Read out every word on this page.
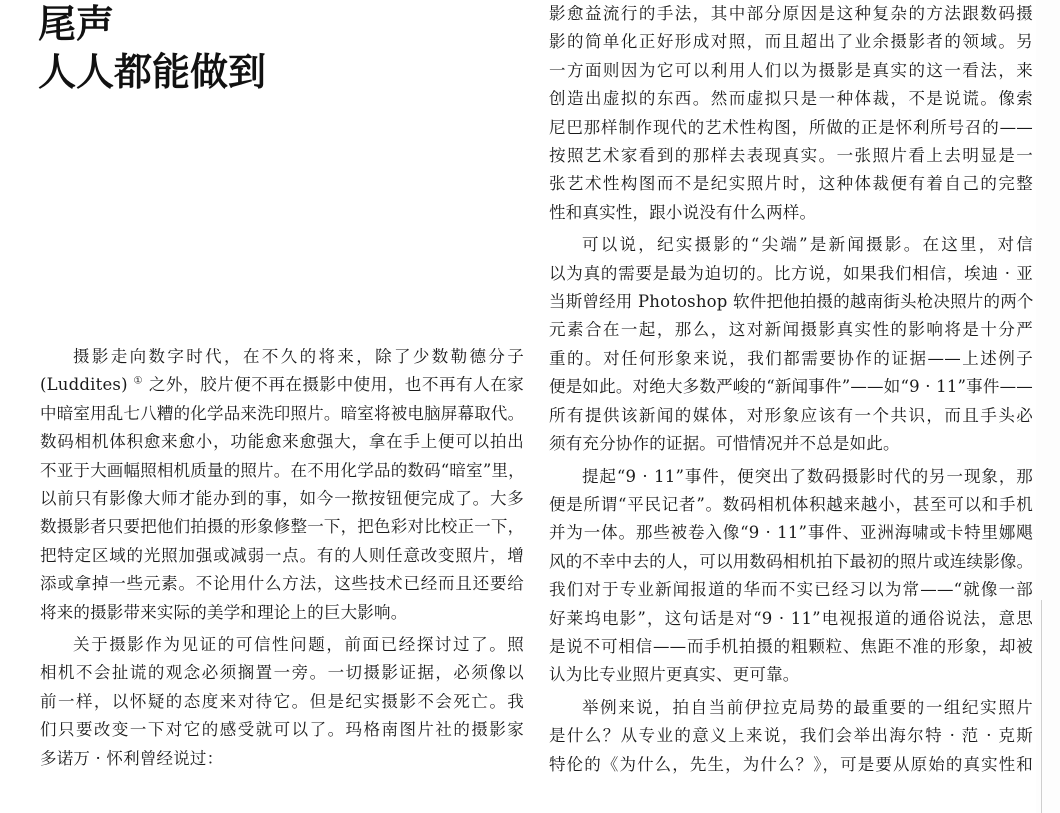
尾声
人人都能做到

摄影走向数字时代，在不久的将来，除了少数勒德分子
(Luddites) ① 之外，胶片便不再在摄影中使用，也不再有人在家
中暗室用乱七八糟的化学品来洗印照片。暗室将被电脑屏幕取代。
数码相机体积愈来愈小，功能愈来愈强大，拿在手上便可以拍出
不亚于大画幅照相机质量的照片。在不用化学品的数码“暗室”里，
以前只有影像大师才能办到的事，如今一揿按钮便完成了。大多
数摄影者只要把他们拍摄的形象修整一下，把色彩对比校正一下，
把特定区域的光照加强或减弱一点。有的人则任意改变照片，增
添或拿掉一些元素。不论用什么方法，这些技术已经而且还要给
将来的摄影带来实际的美学和理论上的巨大影响。

关于摄影作为见证的可信性问题，前面已经探讨过了。照
相机不会扯谎的观念必须搁置一旁。一切摄影证据，必须像以
前一样，以怀疑的态度来对待它。但是纪实摄影不会死亡。我
们只要改变一下对它的感受就可以了。玛格南图片社的摄影家
多诺万 · 怀利曾经说过：

影愈益流行的手法，其中部分原因是这种复杂的方法跟数码摄
影的简单化正好形成对照，而且超出了业余摄影者的领域。另
一方面则因为它可以利用人们以为摄影是真实的这一看法，来
创造出虚拟的东西。然而虚拟只是一种体裁，不是说谎。像索
尼巴那样制作现代的艺术性构图，所做的正是怀利所号召的——
按照艺术家看到的那样去表现真实。一张照片看上去明显是一
张艺术性构图而不是纪实照片时，这种体裁便有着自己的完整
性和真实性，跟小说没有什么两样。

可以说，纪实摄影的“尖端”是新闻摄影。在这里，对信
以为真的需要是最为迫切的。比方说，如果我们相信，埃迪 · 亚
当斯曾经用 Photoshop 软件把他拍摄的越南街头枪决照片的两个
元素合在一起，那么，这对新闻摄影真实性的影响将是十分严
重的。对任何形象来说，我们都需要协作的证据——上述例子
便是如此。对绝大多数严峻的“新闻事件”——如“9 · 11”事件——
所有提供该新闻的媒体，对形象应该有一个共识，而且手头必
须有充分协作的证据。可惜情况并不总是如此。

提起“9 · 11”事件，便突出了数码摄影时代的另一现象，那
便是所谓“平民记者”。数码相机体积越来越小，甚至可以和手机
并为一体。那些被卷入像“9 · 11”事件、亚洲海啸或卡特里娜飓
风的不幸中去的人，可以用数码相机拍下最初的照片或连续影像。
我们对于专业新闻报道的华而不实已经习以为常——“就像一部
好莱坞电影”，这句话是对“9 · 11”电视报道的通俗说法，意思
是说不可相信——而手机拍摄的粗颗粒、焦距不准的形象，却被
认为比专业照片更真实、更可靠。

举例来说，拍自当前伊拉克局势的最重要的一组纪实照片
是什么？从专业的意义上来说，我们会举出海尔特 · 范 · 克斯
特伦的《为什么，先生，为什么？》，可是要从原始的真实性和
